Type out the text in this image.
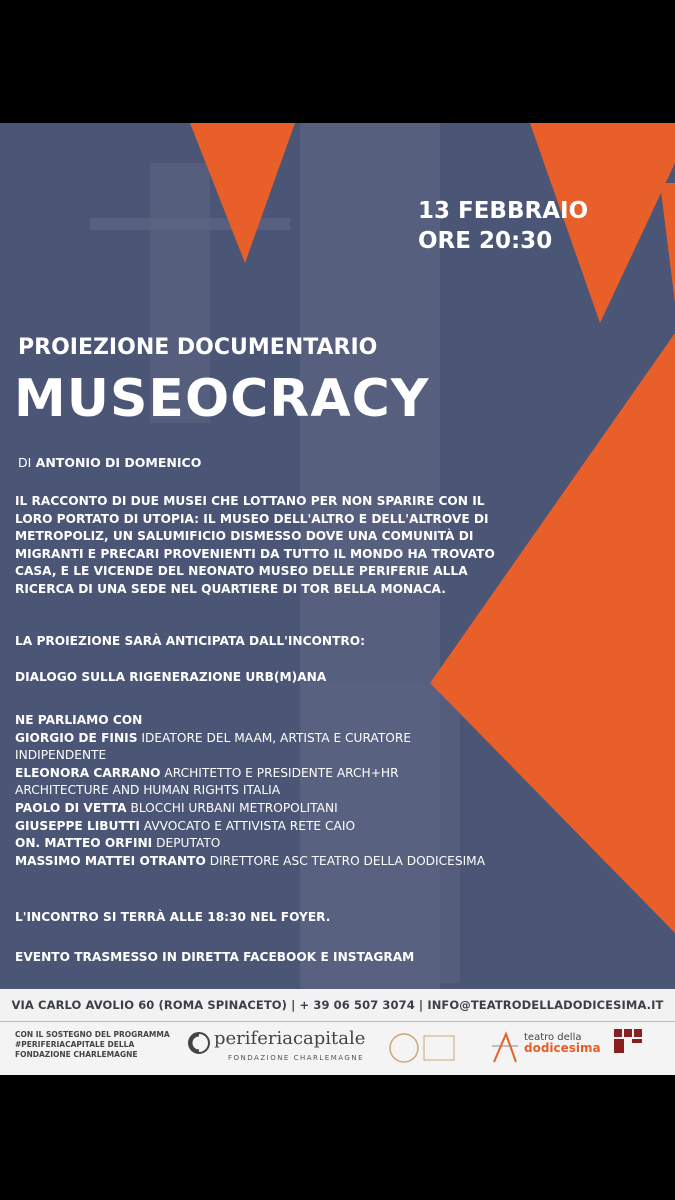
13 FEBBRAIO
ORE 20:30
PROIEZIONE DOCUMENTARIO
MUSEOCRACY
DI ANTONIO DI DOMENICO
IL RACCONTO DI DUE MUSEI CHE LOTTANO PER NON SPARIRE CON IL
LORO PORTATO DI UTOPIA: IL MUSEO DELL'ALTRO E DELL'ALTROVE DI
METROPOLIZ, UN SALUMIFICIO DISMESSO DOVE UNA COMUNITÀ DI
MIGRANTI E PRECARI PROVENIENTI DA TUTTO IL MONDO HA TROVATO
CASA, E LE VICENDE DEL NEONATO MUSEO DELLE PERIFERIE ALLA
RICERCA DI UNA SEDE NEL QUARTIERE DI TOR BELLA MONACA.
LA PROIEZIONE SARÀ ANTICIPATA DALL'INCONTRO:
DIALOGO SULLA RIGENERAZIONE URB(M)ANA
NE PARLIAMO CON
GIORGIO DE FINIS IDEATORE DEL MAAM, ARTISTA E CURATORE
INDIPENDENTE
ELEONORA CARRANO ARCHITETTO E PRESIDENTE ARCH+HR
ARCHITECTURE AND HUMAN RIGHTS ITALIA
PAOLO DI VETTA BLOCCHI URBANI METROPOLITANI
GIUSEPPE LIBUTTI AVVOCATO E ATTIVISTA RETE CAIO
ON. MATTEO ORFINI DEPUTATO
MASSIMO MATTEI OTRANTO DIRETTORE ASC TEATRO DELLA DODICESIMA
L'INCONTRO SI TERRÀ ALLE 18:30 NEL FOYER.
EVENTO TRASMESSO IN DIRETTA FACEBOOK E INSTAGRAM
VIA CARLO AVOLIO 60 (ROMA SPINACETO) | + 39 06 507 3074 | INFO@TEATRODELLADODICESIMA.IT
CON IL SOSTEGNO DEL PROGRAMMA
#PERIFERIACAPITALE DELLA
FONDAZIONE CHARLEMAGNE
periferiacapitale
FONDAZIONE CHARLEMAGNE
teatro della
dodicesima
